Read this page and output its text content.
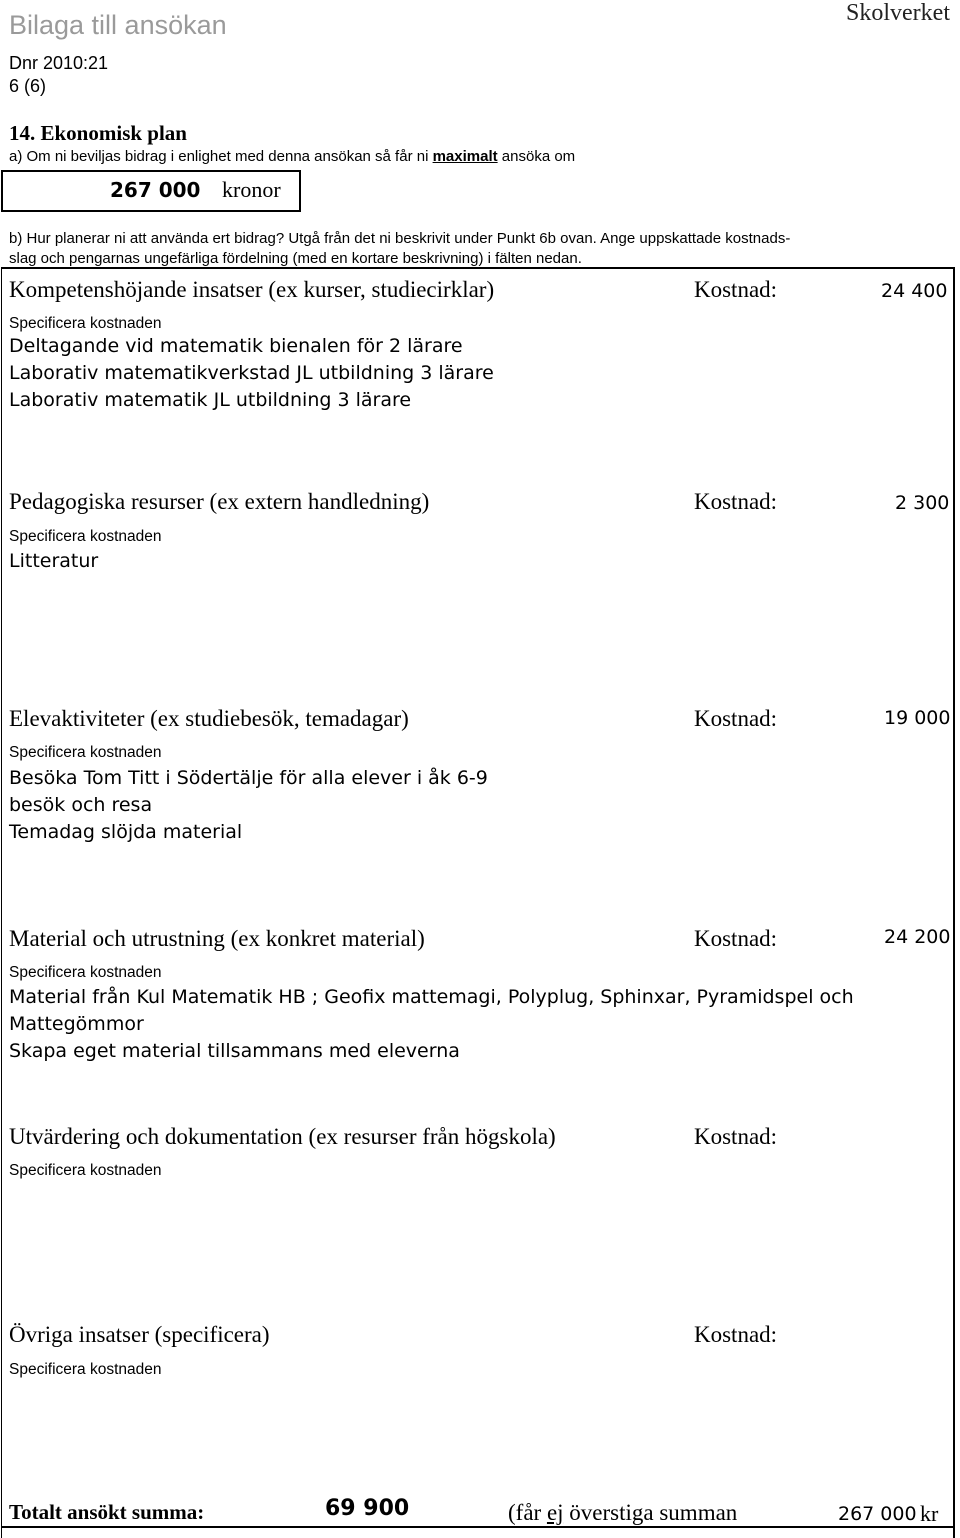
Bilaga till ansökan	Skolverket
Dnr 2010:21
6 (6)
14. Ekonomisk plan
a) Om ni beviljas bidrag i enlighet med denna ansökan så får ni maximalt ansöka om
267 000 kronor
b) Hur planerar ni att använda ert bidrag? Utgå från det ni beskrivit under Punkt 6b ovan. Ange uppskattade kostnads-
slag och pengarnas ungefärliga fördelning (med en kortare beskrivning) i fälten nedan.
Kompetenshöjande insatser (ex kurser, studiecirklar)	Kostnad:	24 400
Specificera kostnaden
Deltagande vid matematik bienalen för 2 lärare
Laborativ matematikverkstad JL utbildning 3 lärare
Laborativ matematik JL utbildning 3 lärare
Pedagogiska resurser (ex extern handledning)	Kostnad:	2 300
Specificera kostnaden
Litteratur
Elevaktiviteter (ex studiebesök, temadagar)	Kostnad:	19 000
Specificera kostnaden
Besöka Tom Titt i Södertälje för alla elever i åk 6-9
besök och resa
Temadag slöjda material
Material och utrustning (ex konkret material)	Kostnad:	24 200
Specificera kostnaden
Material från Kul Matematik HB ; Geofix mattemagi, Polyplug, Sphinxar, Pyramidspel och
Mattegömmor
Skapa eget material tillsammans med eleverna
Utvärdering och dokumentation (ex resurser från högskola)	Kostnad:
Specificera kostnaden
Övriga insatser (specificera)	Kostnad:
Specificera kostnaden
Totalt ansökt summa:	69 900	(får ej överstiga summan	267 000 kr
